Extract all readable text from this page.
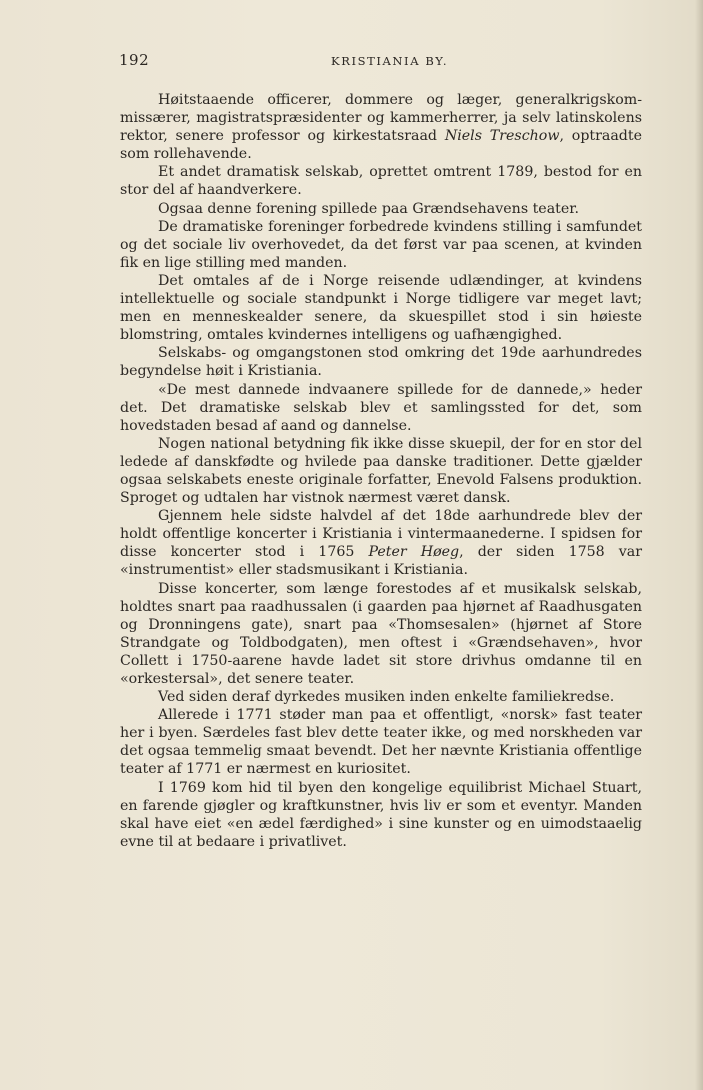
192	KRISTIANIA BY.

Høitstaaende officerer, dommere og læger, generalkrigskommissærer, magistratspræsidenter og kammerherrer, ja selv latinskolens rektor, senere professor og kirkestatsraad Niels Treschow, optraadte som rollehavende.

Et andet dramatisk selskab, oprettet omtrent 1789, bestod for en stor del af haandverkere.

Ogsaa denne forening spillede paa Grændsehavens teater.

De dramatiske foreninger forbedrede kvindens stilling i samfundet og det sociale liv overhovedet, da det først var paa scenen, at kvinden fik en lige stilling med manden.

Det omtales af de i Norge reisende udlændinger, at kvindens intellektuelle og sociale standpunkt i Norge tidligere var meget lavt; men en menneskealder senere, da skuespillet stod i sin høieste blomstring, omtales kvindernes intelligens og uafhængighed.

Selskabs- og omgangstonen stod omkring det 19de aarhundredes begyndelse høit i Kristiania.

«De mest dannede indvaanere spillede for de dannede,» heder det. Det dramatiske selskab blev et samlingssted for det, som hovedstaden besad af aand og dannelse.

Nogen national betydning fik ikke disse skuepil, der for en stor del ledede af danskfødte og hvilede paa danske traditioner. Dette gjælder ogsaa selskabets eneste originale forfatter, Enevold Falsens produktion. Sproget og udtalen har vistnok nærmest været dansk.

Gjennem hele sidste halvdel af det 18de aarhundrede blev der holdt offentlige koncerter i Kristiania i vintermaanederne. I spidsen for disse koncerter stod i 1765 Peter Høeg, der siden 1758 var «instrumentist» eller stadsmusikant i Kristiania.

Disse koncerter, som længe forestodes af et musikalsk selskab, holdtes snart paa raadhussalen (i gaarden paa hjørnet af Raadhusgaten og Dronningens gate), snart paa «Thomsesalen» (hjørnet af Store Strandgate og Toldbodgaten), men oftest i «Grændsehaven», hvor Collett i 1750-aarene havde ladet sit store drivhus omdanne til en «orkestersal», det senere teater.

Ved siden deraf dyrkedes musiken inden enkelte familiekredse.

Allerede i 1771 støder man paa et offentligt, «norsk» fast teater her i byen. Særdeles fast blev dette teater ikke, og med norskheden var det ogsaa temmelig smaat bevendt. Det her nævnte Kristiania offentlige teater af 1771 er nærmest en kuriositet.

I 1769 kom hid til byen den kongelige equilibrist Michael Stuart, en farende gjøgler og kraftkunstner, hvis liv er som et eventyr. Manden skal have eiet «en ædel færdighed» i sine kunster og en uimodstaaelig evne til at bedaare i privatlivet.
